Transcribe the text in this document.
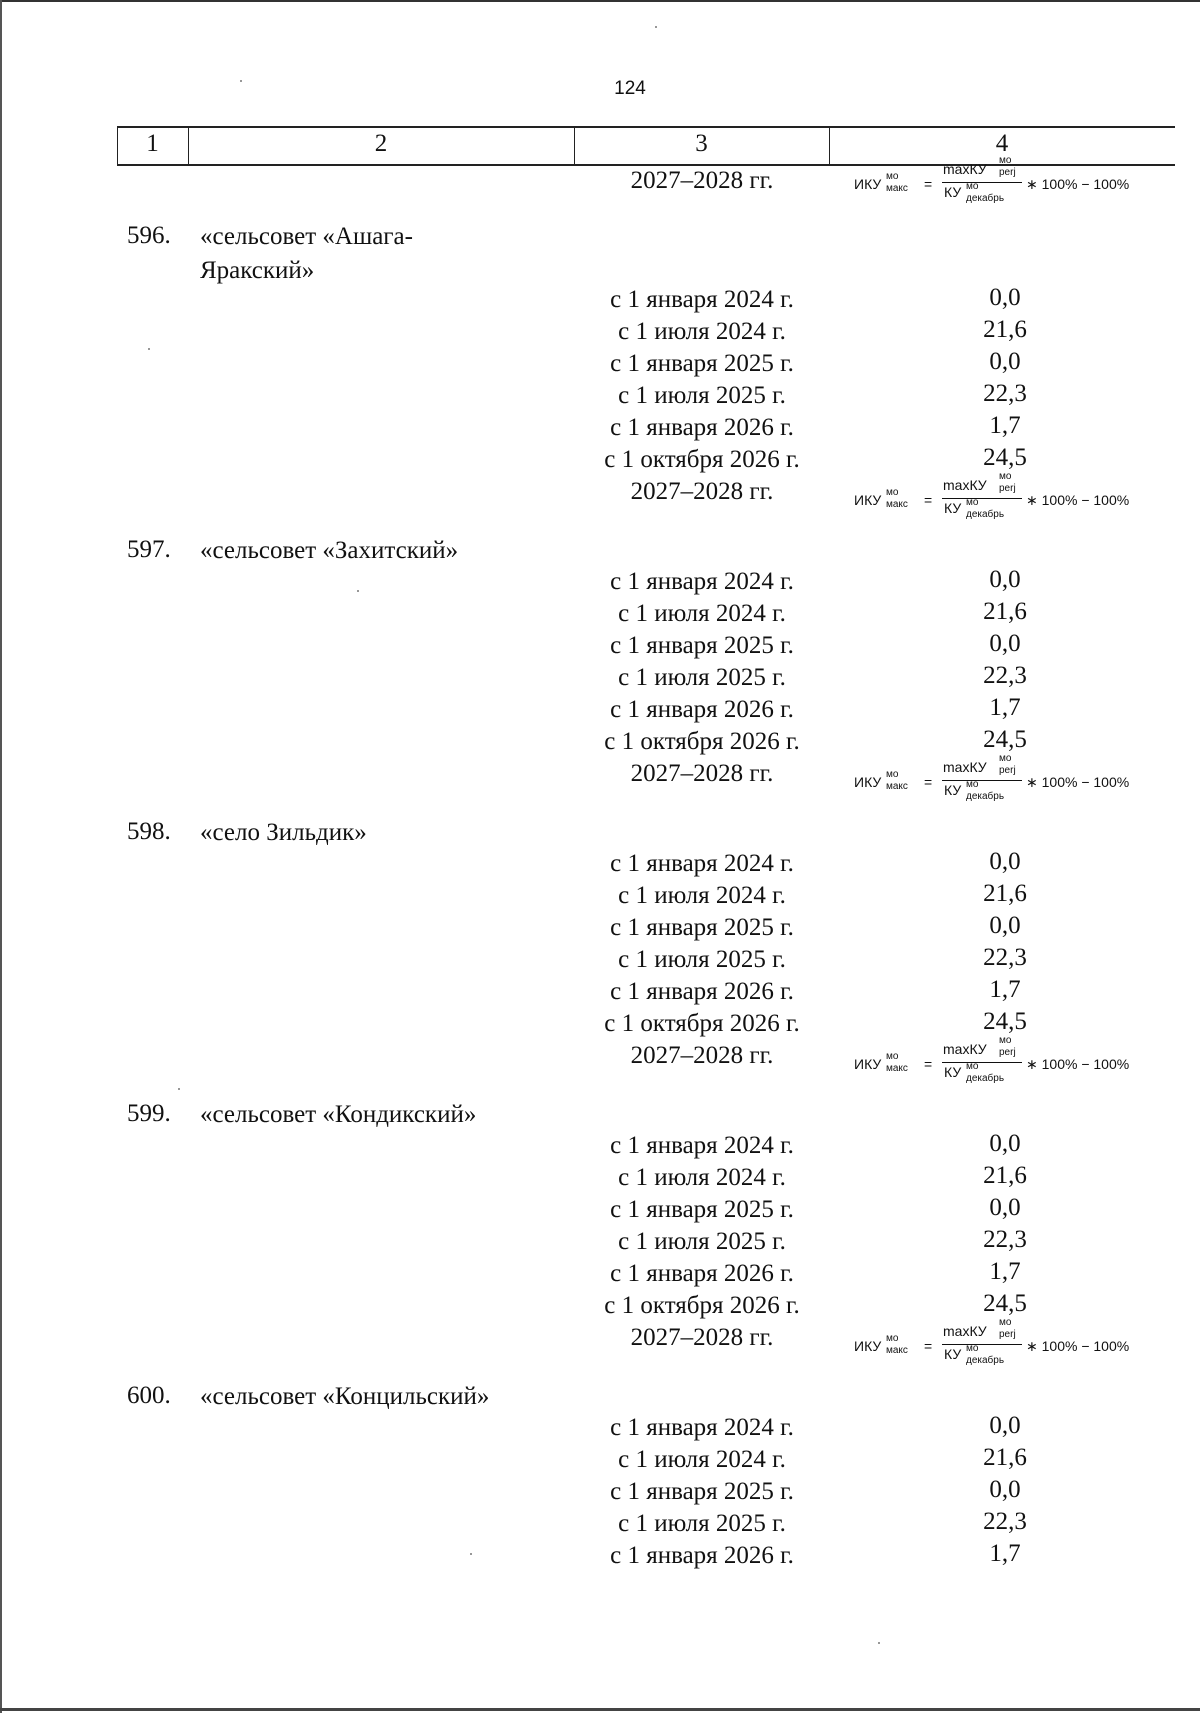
124
1	2	3	4
2027–2028 гг.	ИКУ мо
макс =
maxКУ
мо
perj
КУ мо
декабрь
∗ 100% − 100%
596. «сельсовет «Ашага-
Яракский»
с 1 января 2024 г.	0,0
с 1 июля 2024 г.	21,6
с 1 января 2025 г.	0,0
с 1 июля 2025 г.	22,3
с 1 января 2026 г.	1,7
с 1 октября 2026 г.	24,5
2027–2028 гг.	ИКУ мо
макс =
maxКУ
мо
perj
КУ мо
декабрь
∗ 100% − 100%
597. «сельсовет «Захитский»
с 1 января 2024 г.	0,0
с 1 июля 2024 г.	21,6
с 1 января 2025 г.	0,0
с 1 июля 2025 г.	22,3
с 1 января 2026 г.	1,7
с 1 октября 2026 г.	24,5
2027–2028 гг.	ИКУ мо
макс =
maxКУ
мо
perj
КУ мо
декабрь
∗ 100% − 100%
598. «село Зильдик»
с 1 января 2024 г.	0,0
с 1 июля 2024 г.	21,6
с 1 января 2025 г.	0,0
с 1 июля 2025 г.	22,3
с 1 января 2026 г.	1,7
с 1 октября 2026 г.	24,5
2027–2028 гг.	ИКУ мо
макс =
maxКУ
мо
perj
КУ мо
декабрь
∗ 100% − 100%
599. «сельсовет «Кондикский»
с 1 января 2024 г.	0,0
с 1 июля 2024 г.	21,6
с 1 января 2025 г.	0,0
с 1 июля 2025 г.	22,3
с 1 января 2026 г.	1,7
с 1 октября 2026 г.	24,5
2027–2028 гг.	ИКУ мо
макс =
maxКУ
мо
perj
КУ мо
декабрь
∗ 100% − 100%
600. «сельсовет «Концильский»
с 1 января 2024 г.	0,0
с 1 июля 2024 г.	21,6
с 1 января 2025 г.	0,0
с 1 июля 2025 г.	22,3
с 1 января 2026 г.	1,7
